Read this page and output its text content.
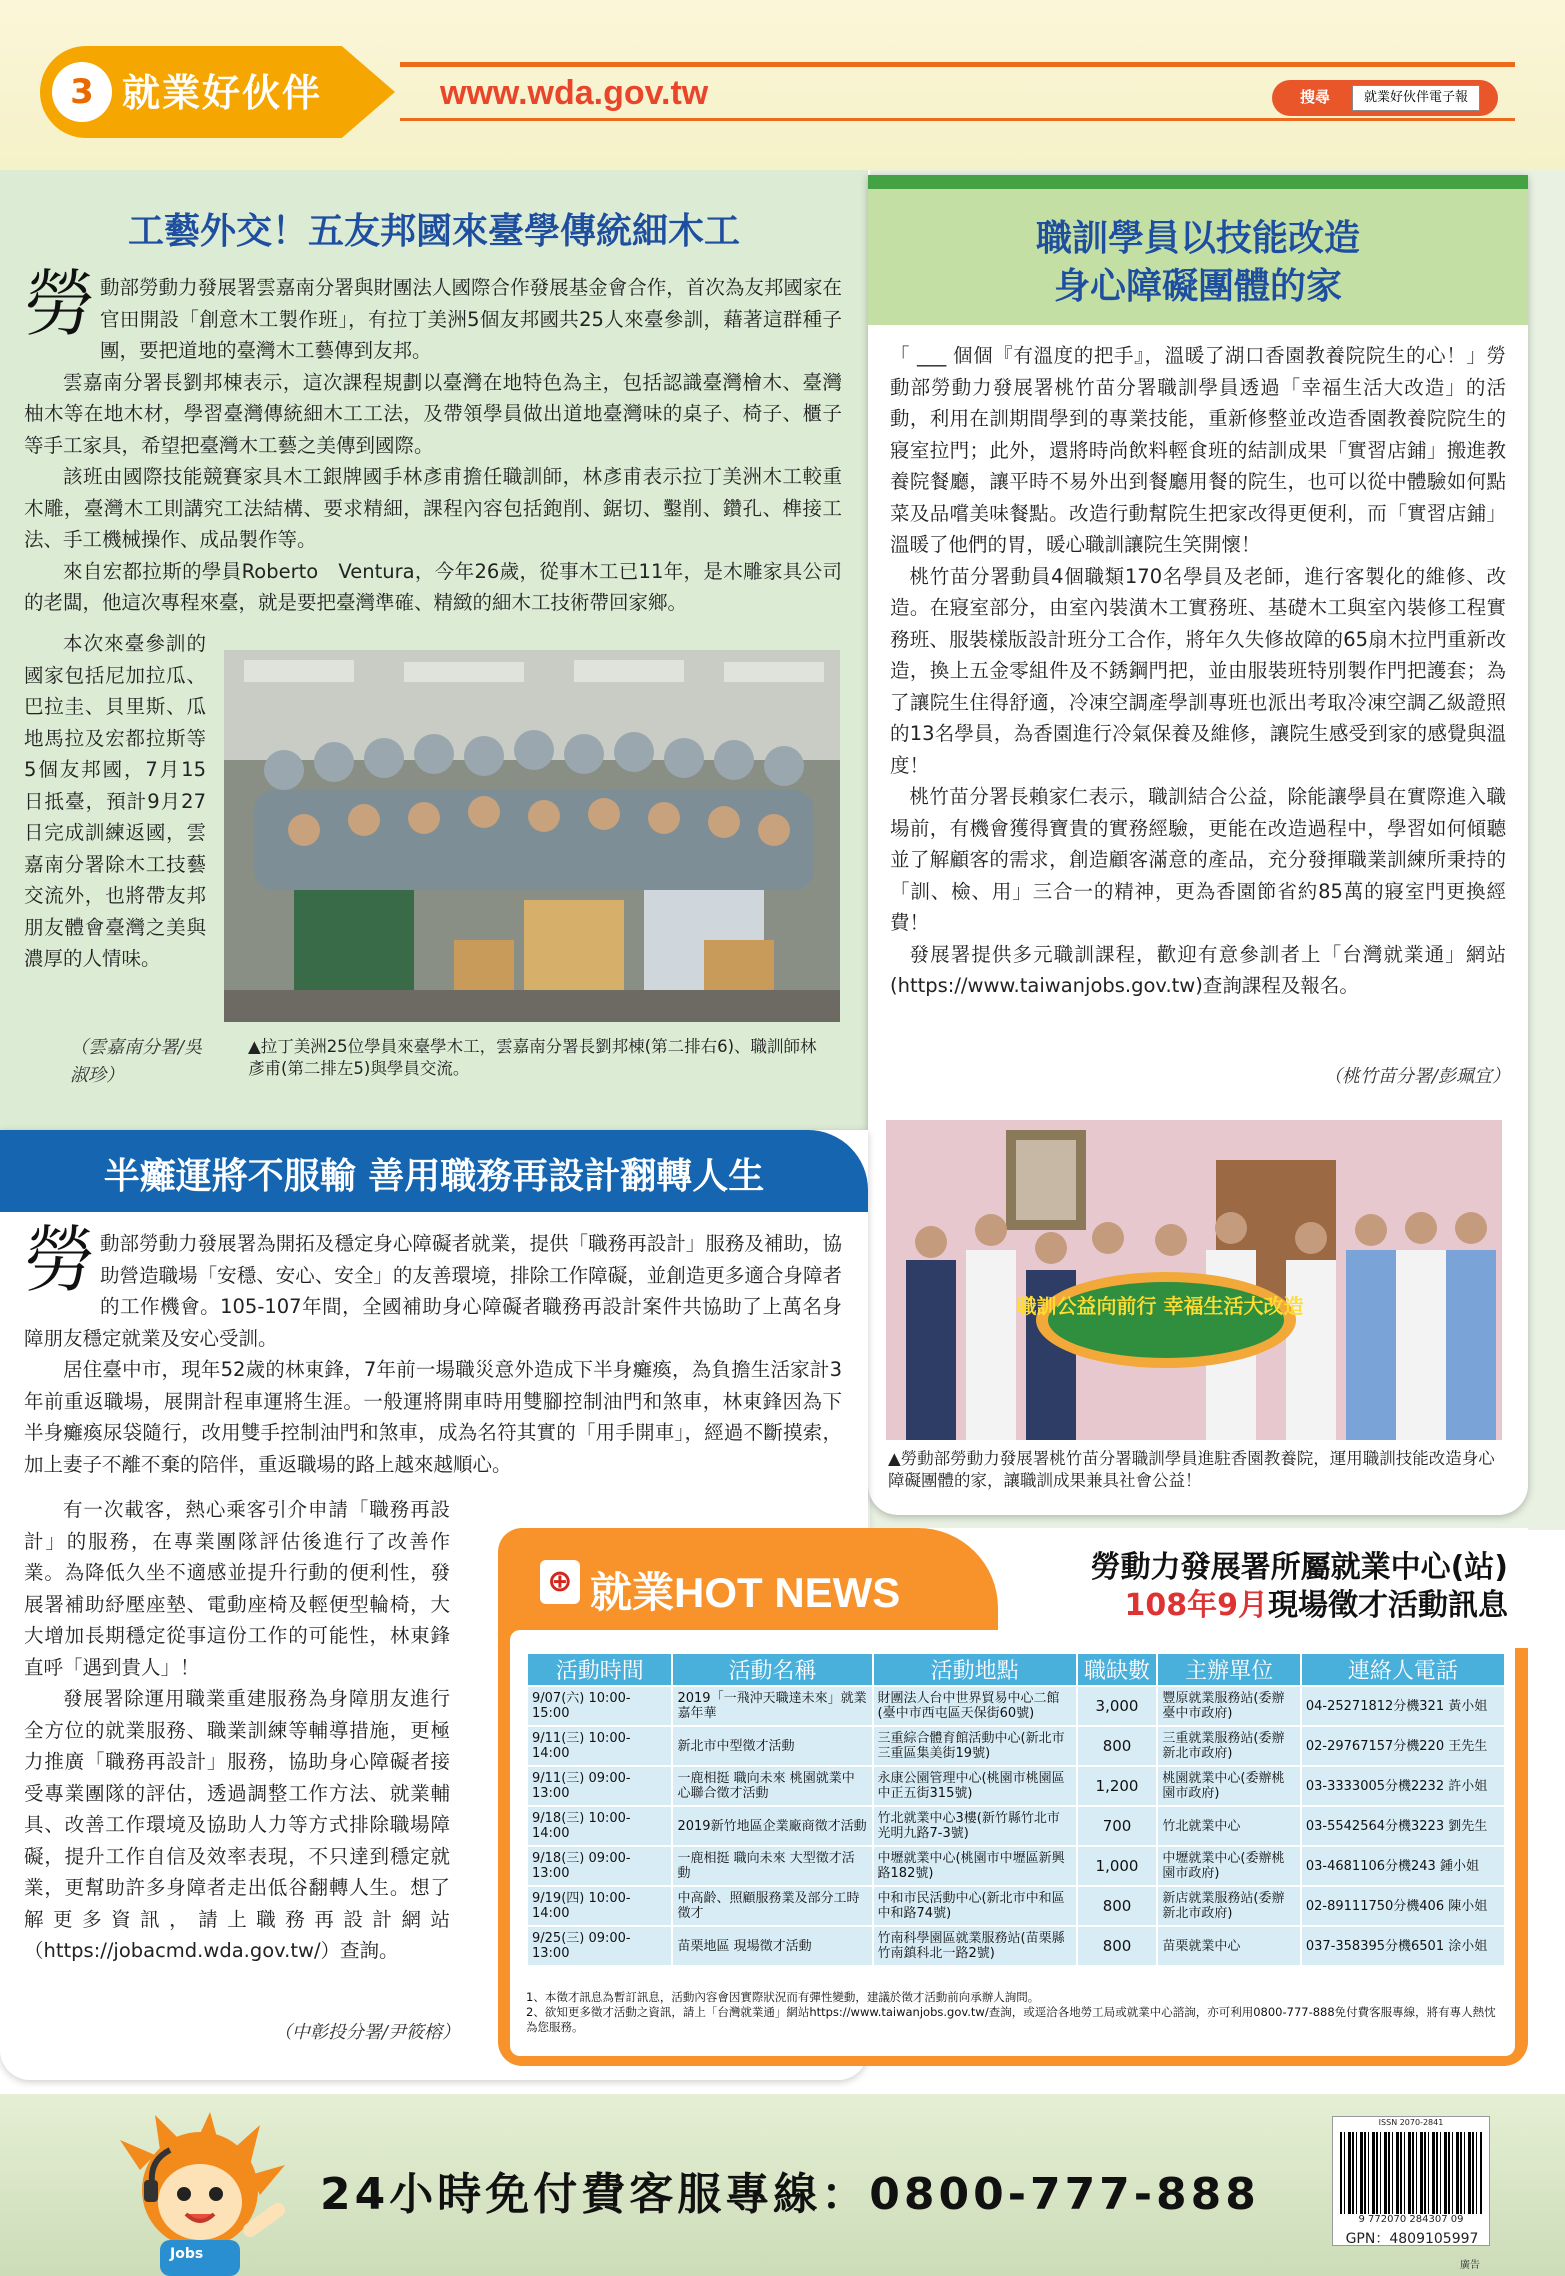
3 就業好伙伴	www.wda.gov.tw	搜尋	就業好伙伴電子報
工藝外交！五友邦國來臺學傳統細木工
勞 動部勞動力發展署雲嘉南分署與財團法人國際合作發展基金會合作，首次為友邦國家在官田開設「創意木工製作班」，有拉丁美洲5個友邦國共25人來臺參訓，藉著這群種子團，要把道地的臺灣木工藝傳到友邦。
雲嘉南分署長劉邦棟表示，這次課程規劃以臺灣在地特色為主，包括認識臺灣檜木、臺灣柚木等在地木材，學習臺灣傳統細木工工法，及帶領學員做出道地臺灣味的桌子、椅子、櫃子等手工家具，希望把臺灣木工藝之美傳到國際。
該班由國際技能競賽家具木工銀牌國手林彥甫擔任職訓師，林彥甫表示拉丁美洲木工較重木雕，臺灣木工則講究工法結構、要求精細，課程內容包括鉋削、鋸切、鑿削、鑽孔、榫接工法、手工機械操作、成品製作等。
來自宏都拉斯的學員Roberto　Ventura，今年26歲，從事木工已11年，是木雕家具公司的老闆，他這次專程來臺，就是要把臺灣準確、精緻的細木工技術帶回家鄉。
本次來臺參訓的國家包括尼加拉瓜、巴拉圭、貝里斯、瓜地馬拉及宏都拉斯等5個友邦國，7月15日抵臺，預計9月27日完成訓練返國，雲嘉南分署除木工技藝交流外，也將帶友邦朋友體會臺灣之美與濃厚的人情味。
（雲嘉南分署/吳淑珍）
▲拉丁美洲25位學員來臺學木工，雲嘉南分署長劉邦棟(第二排右6)、職訓師林彥甫(第二排左5)與學員交流。
職訓學員以技能改造
身心障礙團體的家
「 ___ 個個『有溫度的把手』，溫暖了湖口香園教養院院生的心！」勞動部勞動力發展署桃竹苗分署職訓學員透過「幸福生活大改造」的活動，利用在訓期間學到的專業技能，重新修整並改造香園教養院院生的寢室拉門；此外，還將時尚飲料輕食班的結訓成果「實習店鋪」搬進教養院餐廳，讓平時不易外出到餐廳用餐的院生，也可以從中體驗如何點菜及品嚐美味餐點。改造行動幫院生把家改得更便利，而「實習店鋪」溫暖了他們的胃，暖心職訓讓院生笑開懷！
桃竹苗分署動員4個職類170名學員及老師，進行客製化的維修、改造。在寢室部分，由室內裝潢木工實務班、基礎木工與室內裝修工程實務班、服裝樣版設計班分工合作，將年久失修故障的65扇木拉門重新改造，換上五金零組件及不銹鋼門把，並由服裝班特別製作門把護套；為了讓院生住得舒適，冷凍空調產學訓專班也派出考取冷凍空調乙級證照的13名學員，為香園進行冷氣保養及維修，讓院生感受到家的感覺與溫度！
桃竹苗分署長賴家仁表示，職訓結合公益，除能讓學員在實際進入職場前，有機會獲得寶貴的實務經驗，更能在改造過程中，學習如何傾聽並了解顧客的需求，創造顧客滿意的產品，充分發揮職業訓練所秉持的「訓、檢、用」三合一的精神，更為香園節省約85萬的寢室門更換經費！
發展署提供多元職訓課程，歡迎有意參訓者上「台灣就業通」網站(https://www.taiwanjobs.gov.tw)查詢課程及報名。
（桃竹苗分署/彭珮宜）
職訓公益向前行 幸福生活大改造
▲勞動部勞動力發展署桃竹苗分署職訓學員進駐香園教養院，運用職訓技能改造身心障礙團體的家，讓職訓成果兼具社會公益！
半癱運將不服輸 善用職務再設計翻轉人生
勞 動部勞動力發展署為開拓及穩定身心障礙者就業，提供「職務再設計」服務及補助，協助營造職場「安穩、安心、安全」的友善環境，排除工作障礙，並創造更多適合身障者的工作機會。105-107年間，全國補助身心障礙者職務再設計案件共協助了上萬名身障朋友穩定就業及安心受訓。
居住臺中市，現年52歲的林東鋒，7年前一場職災意外造成下半身癱瘓，為負擔生活家計3年前重返職場，展開計程車運將生涯。一般運將開車時用雙腳控制油門和煞車，林東鋒因為下半身癱瘓尿袋隨行，改用雙手控制油門和煞車，成為名符其實的「用手開車」，經過不斷摸索，加上妻子不離不棄的陪伴，重返職場的路上越來越順心。
有一次載客，熱心乘客引介申請「職務再設計」的服務，在專業團隊評估後進行了改善作業。為降低久坐不適感並提升行動的便利性，發展署補助紓壓座墊、電動座椅及輕便型輪椅，大大增加長期穩定從事這份工作的可能性，林東鋒直呼「遇到貴人」！
發展署除運用職業重建服務為身障朋友進行全方位的就業服務、職業訓練等輔導措施，更極力推廣「職務再設計」服務，協助身心障礙者接受專業團隊的評估，透過調整工作方法、就業輔具、改善工作環境及協助人力等方式排除職場障礙，提升工作自信及效率表現，不只達到穩定就業，更幫助許多身障者走出低谷翻轉人生。想了解更多資訊，請上職務再設計網站（https://jobacmd.wda.gov.tw/）查詢。
（中彰投分署/尹筱榕）
⊕ 就業HOT NEWS
勞動力發展署所屬就業中心(站)
108年9月現場徵才活動訊息
活動時間	活動名稱	活動地點	職缺數	主辦單位	連絡人電話
9/07(六) 10:00-15:00	2019「一飛沖天職達未來」就業嘉年華	財團法人台中世界貿易中心二館(臺中市西屯區天保街60號)	3,000	豐原就業服務站(委辦臺中市政府)	04-25271812分機321 黃小姐
9/11(三) 10:00-14:00	新北市中型徵才活動	三重綜合體育館活動中心(新北市三重區集美街19號)	800	三重就業服務站(委辦新北市政府)	02-29767157分機220 王先生
9/11(三) 09:00-13:00	一鹿相挺 職向未來 桃園就業中心聯合徵才活動	永康公園管理中心(桃園市桃園區中正五街315號)	1,200	桃園就業中心(委辦桃園市政府)	03-3333005分機2232 許小姐
9/18(三) 10:00-14:00	2019新竹地區企業廠商徵才活動	竹北就業中心3樓(新竹縣竹北市光明九路7-3號)	700	竹北就業中心	03-5542564分機3223 劉先生
9/18(三) 09:00-13:00	一鹿相挺 職向未來 大型徵才活動	中壢就業中心(桃園市中壢區新興路182號)	1,000	中壢就業中心(委辦桃園市政府)	03-4681106分機243 鍾小姐
9/19(四) 10:00-14:00	中高齡、照顧服務業及部分工時徵才	中和市民活動中心(新北市中和區中和路74號)	800	新店就業服務站(委辦新北市政府)	02-89111750分機406 陳小姐
9/25(三) 09:00-13:00	苗栗地區 現場徵才活動	竹南科學園區就業服務站(苗栗縣竹南鎮科北一路2號)	800	苗栗就業中心	037-358395分機6501 涂小姐
1、本徵才訊息為暫訂訊息，活動內容會因實際狀況而有彈性變動，建議於徵才活動前向承辦人詢問。
2、欲知更多徵才活動之資訊，請上「台灣就業通」網站https://www.taiwanjobs.gov.tw/查詢，或逕洽各地勞工局或就業中心諮詢，亦可利用0800-777-888免付費客服專線，將有專人熱忱為您服務。
Jobs
24小時免付費客服專線：0800-777-888
ISSN 2070-2841
9 772070 284307 09
GPN：4809105997
廣告
